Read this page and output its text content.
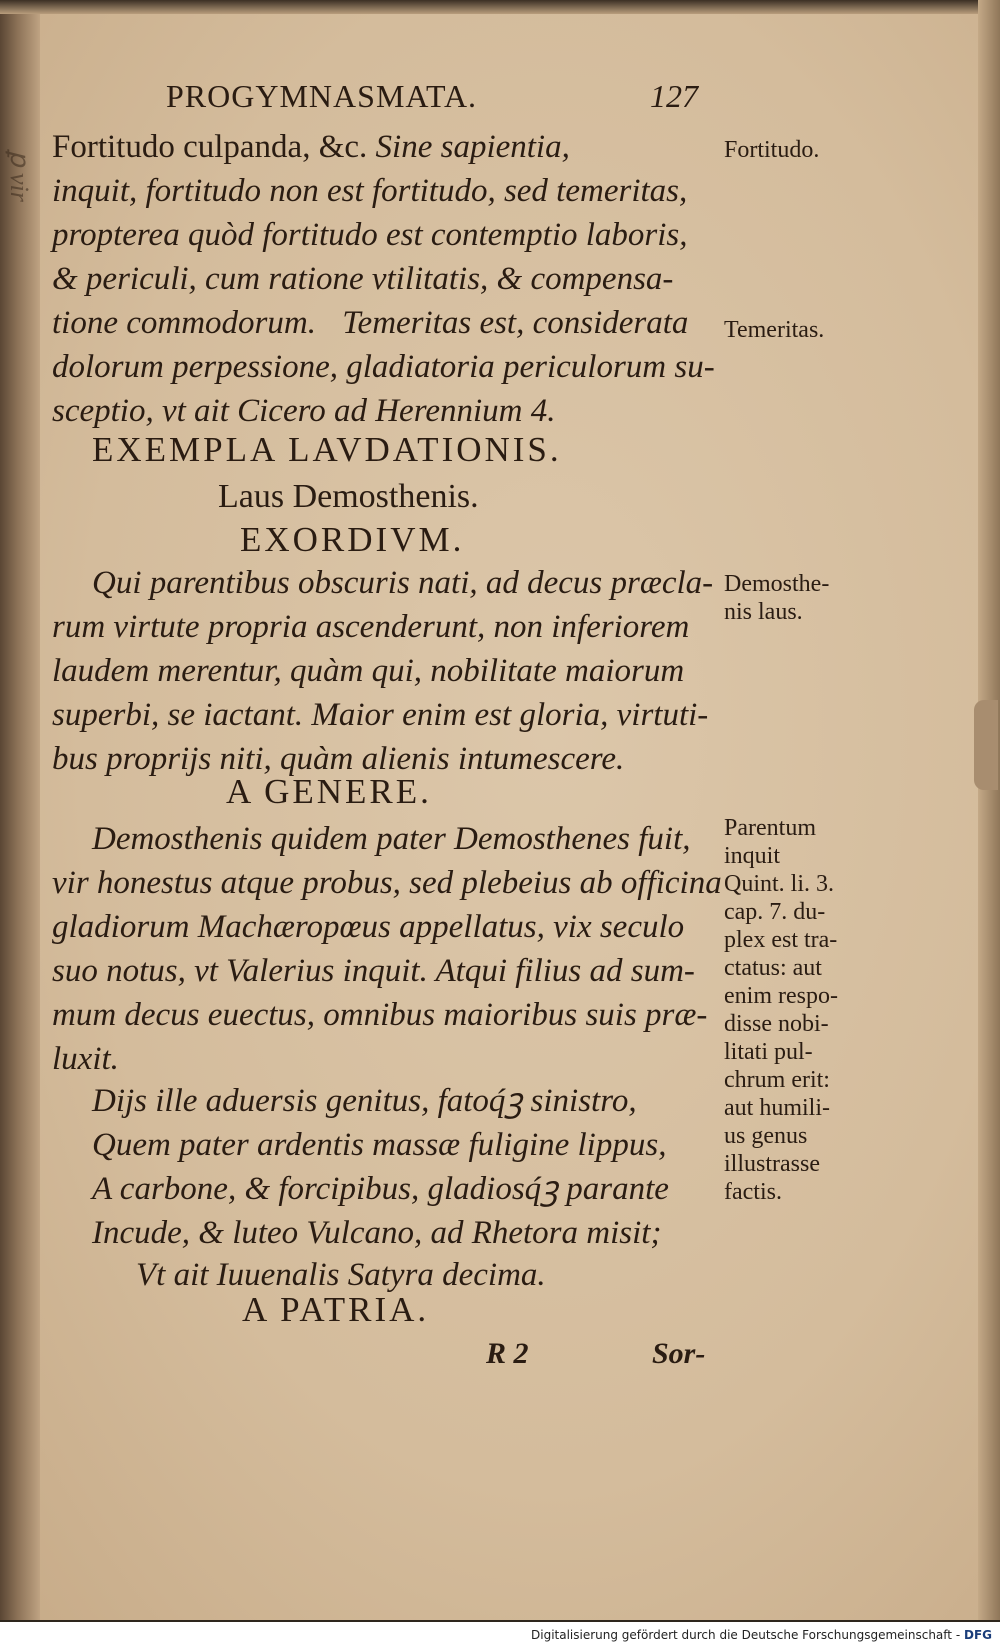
ꝑ vir
PROGYMNASMATA.	127
Fortitudo culpanda, &c. Sine sapientia,
inquit, fortitudo non est fortitudo, sed temeritas,
propterea quòd fortitudo est contemptio laboris,
& periculi, cum ratione vtilitatis, & compensa-
tione commodorum. Temeritas est, considerata
dolorum perpessione, gladiatoria periculorum su-
sceptio, vt ait Cicero ad Herennium 4.
EXEMPLA LAVDATIONIS.
Laus Demosthenis.
EXORDIVM.
Qui parentibus obscuris nati, ad decus præcla-
rum virtute propria ascenderunt, non inferiorem
laudem merentur, quàm qui, nobilitate maiorum
superbi, se iactant. Maior enim est gloria, virtuti-
bus proprijs niti, quàm alienis intumescere.
A GENERE.
Demosthenis quidem pater Demosthenes fuit,
vir honestus atque probus, sed plebeius ab officina
gladiorum Machæropœus appellatus, vix seculo
suo notus, vt Valerius inquit. Atqui filius ad sum-
mum decus euectus, omnibus maioribus suis præ-
luxit.
Dijs ille aduersis genitus, fatoq́ꝫ sinistro,
Quem pater ardentis massæ fuligine lippus,
A carbone, & forcipibus, gladiosq́ꝫ parante
Incude, & luteo Vulcano, ad Rhetora misit;
Vt ait Iuuenalis Satyra decima.
A PATRIA.
R 2	Sor-
Fortitudo.
Temeritas.
Demosthe-
nis laus.
Parentum
inquit
Quint. li. 3.
cap. 7. du-
plex est tra-
ctatus: aut
enim respo-
disse nobi-
litati pul-
chrum erit:
aut humili-
us genus
illustrasse
factis.
Digitalisierung gefördert durch die Deutsche Forschungsgemeinschaft - DFG
